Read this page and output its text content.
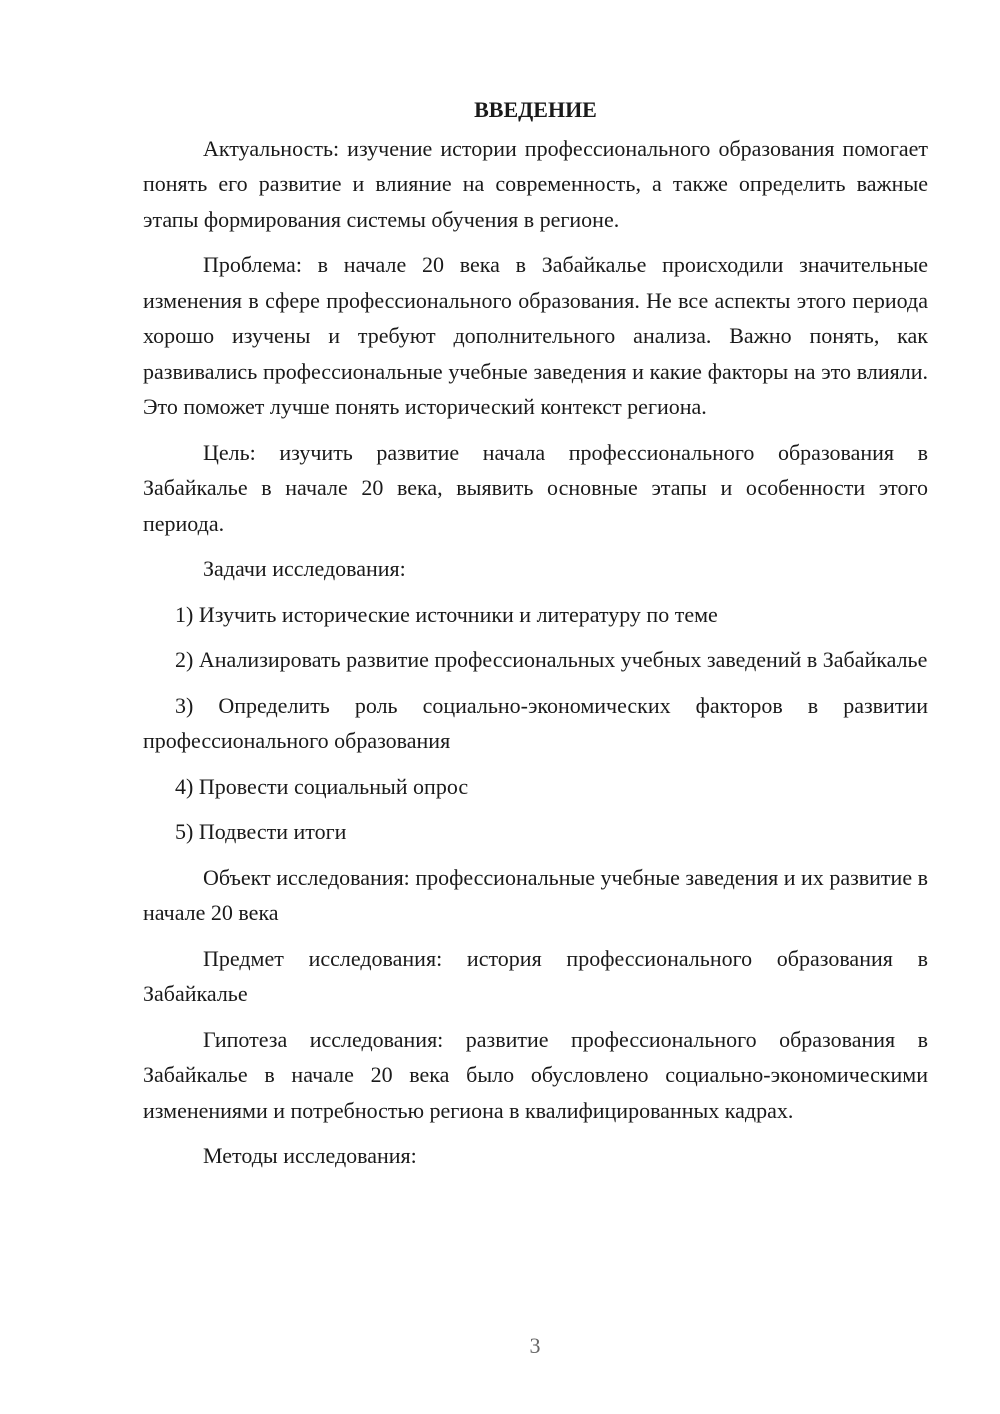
ВВЕДЕНИЕ

Актуальность: изучение истории профессионального образования помогает понять его развитие и влияние на современность, а также определить важные этапы формирования системы обучения в регионе.

Проблема: в начале 20 века в Забайкалье происходили значительные изменения в сфере профессионального образования. Не все аспекты этого периода хорошо изучены и требуют дополнительного анализа. Важно понять, как развивались профессиональные учебные заведения и какие факторы на это влияли. Это поможет лучше понять исторический контекст региона.

Цель: изучить развитие начала профессионального образования в Забайкалье в начале 20 века, выявить основные этапы и особенности этого периода.

Задачи исследования:

1) Изучить исторические источники и литературу по теме

2) Анализировать развитие профессиональных учебных заведений в Забайкалье

3) Определить роль социально-экономических факторов в развитии профессионального образования

4) Провести социальный опрос

5) Подвести итоги

Объект исследования: профессиональные учебные заведения и их развитие в начале 20 века

Предмет исследования: история профессионального образования в Забайкалье

Гипотеза исследования: развитие профессионального образования в Забайкалье в начале 20 века было обусловлено социально-экономическими изменениями и потребностью региона в квалифицированных кадрах.

Методы исследования:

3
